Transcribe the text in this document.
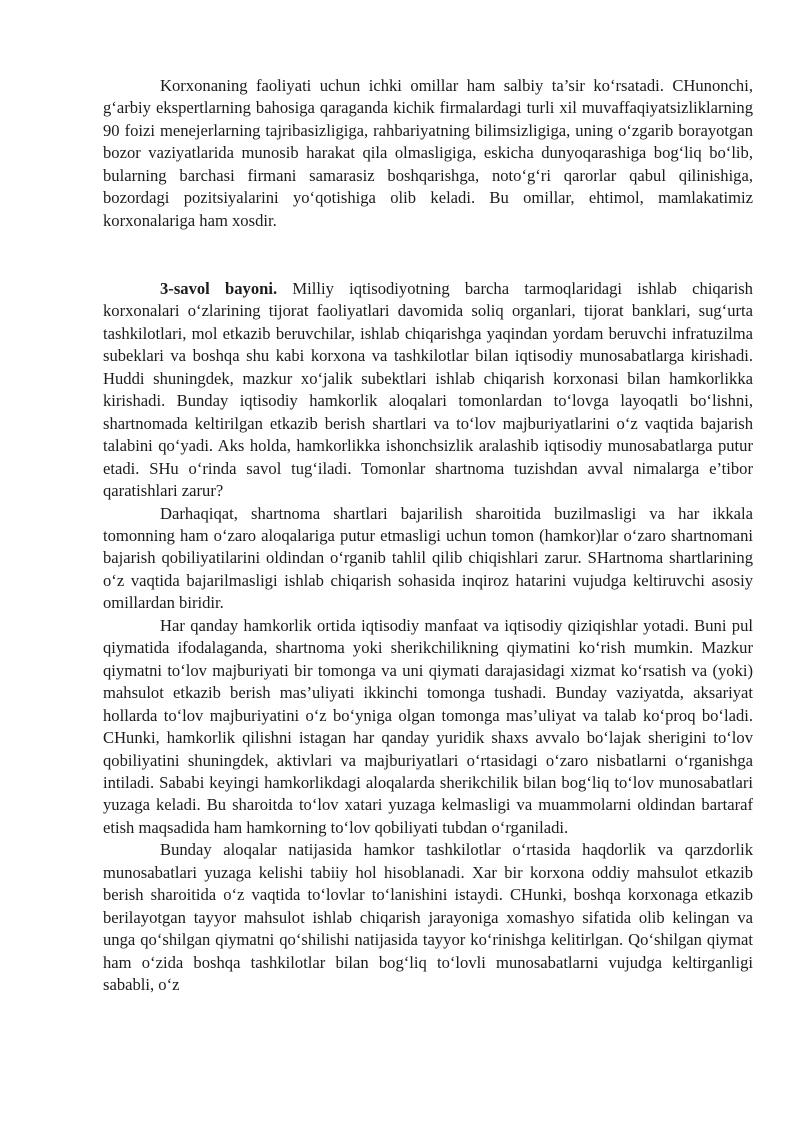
Korxonaning faoliyati uchun ichki omillar ham salbiy ta’sir ko‘rsatadi. CHunonchi, g‘arbiy ekspertlarning bahosiga qaraganda kichik firmalardagi turli xil muvaffaqiyatsizliklarning 90 foizi menejerlarning tajribasizligiga, rahbariyatning bilimsizligiga, uning o‘zgarib borayotgan bozor vaziyatlarida munosib harakat qila olmasligiga, eskicha dunyoqarashiga bog‘liq bo‘lib, bularning barchasi firmani samarasiz boshqarishga, noto‘g‘ri qarorlar qabul qilinishiga, bozordagi pozitsiyalarini yo‘qotishiga olib keladi. Bu omillar, ehtimol, mamlakatimiz korxonalariga ham xosdir.

3-savol bayoni. Milliy iqtisodiyotning barcha tarmoqlaridagi ishlab chiqarish korxonalari o‘zlarining tijorat faoliyatlari davomida soliq organlari, tijorat banklari, sug‘urta tashkilotlari, mol etkazib beruvchilar, ishlab chiqarishga yaqindan yordam beruvchi infratuzilma subeklari va boshqa shu kabi korxona va tashkilotlar bilan iqtisodiy munosabatlarga kirishadi. Huddi shuningdek, mazkur xo‘jalik subektlari ishlab chiqarish korxonasi bilan hamkorlikka kirishadi. Bunday iqtisodiy hamkorlik aloqalari tomonlardan to‘lovga layoqatli bo‘lishni, shartnomada keltirilgan etkazib berish shartlari va to‘lov majburiyatlarini o‘z vaqtida bajarish talabini qo‘yadi. Aks holda, hamkorlikka ishonchsizlik aralashib iqtisodiy munosabatlarga putur etadi. SHu o‘rinda savol tug‘iladi. Tomonlar shartnoma tuzishdan avval nimalarga e’tibor qaratishlari zarur?

Darhaqiqat, shartnoma shartlari bajarilish sharoitida buzilmasligi va har ikkala tomonning ham o‘zaro aloqalariga putur etmasligi uchun tomon (hamkor)lar o‘zaro shartnomani bajarish qobiliyatilarini oldindan o‘rganib tahlil qilib chiqishlari zarur. SHartnoma shartlarining o‘z vaqtida bajarilmasligi ishlab chiqarish sohasida inqiroz hatarini vujudga keltiruvchi asosiy omillardan biridir.

Har qanday hamkorlik ortida iqtisodiy manfaat va iqtisodiy qiziqishlar yotadi. Buni pul qiymatida ifodalaganda, shartnoma yoki sherikchilikning qiymatini ko‘rish mumkin. Mazkur qiymatni to‘lov majburiyati bir tomonga va uni qiymati darajasidagi xizmat ko‘rsatish va (yoki) mahsulot etkazib berish mas’uliyati ikkinchi tomonga tushadi. Bunday vaziyatda, aksariyat hollarda to‘lov majburiyatini o‘z bo‘yniga olgan tomonga mas’uliyat va talab ko‘proq bo‘ladi. CHunki, hamkorlik qilishni istagan har qanday yuridik shaxs avvalo bo‘lajak sherigini to‘lov qobiliyatini shuningdek, aktivlari va majburiyatlari o‘rtasidagi o‘zaro nisbatlarni o‘rganishga intiladi. Sababi keyingi hamkorlikdagi aloqalarda sherikchilik bilan bog‘liq to‘lov munosabatlari yuzaga keladi. Bu sharoitda to‘lov xatari yuzaga kelmasligi va muammolarni oldindan bartaraf etish maqsadida ham hamkorning to‘lov qobiliyati tubdan o‘rganiladi.

Bunday aloqalar natijasida hamkor tashkilotlar o‘rtasida haqdorlik va qarzdorlik munosabatlari yuzaga kelishi tabiiy hol hisoblanadi. Xar bir korxona oddiy mahsulot etkazib berish sharoitida o‘z vaqtida to‘lovlar to‘lanishini istaydi. CHunki, boshqa korxonaga etkazib berilayotgan tayyor mahsulot ishlab chiqarish jarayoniga xomashyo sifatida olib kelingan va unga qo‘shilgan qiymatni qo‘shilishi natijasida tayyor ko‘rinishga kelitirlgan. Qo‘shilgan qiymat ham o‘zida boshqa tashkilotlar bilan bog‘liq to‘lovli munosabatlarni vujudga keltirganligi sababli, o‘z
